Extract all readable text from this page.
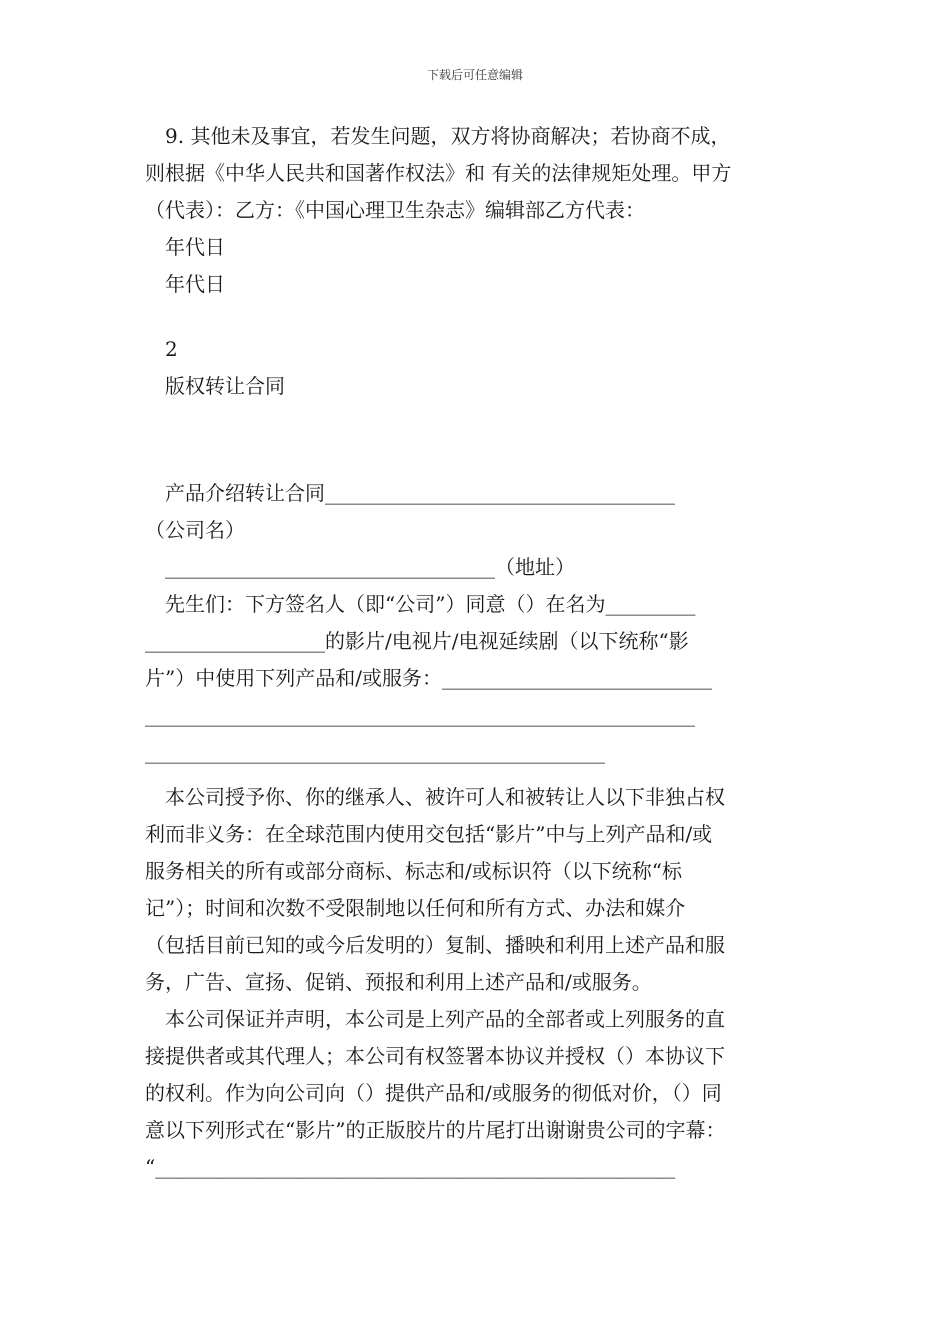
下载后可任意编辑

9. 其他未及事宜，若发生问题，双方将协商解决；若协商不成，

则根据《中华人民共和国著作权法》和 有关的法律规矩处理。甲方

（代表）：乙方：《中国心理卫生杂志》编辑部乙方代表：

年代日

年代日

2

版权转让合同

产品介绍转让合同___________________________________

（公司名）

_________________________________（地址）

先生们：下方签名人（即“公司”）同意（）在名为_________

__________________的影片/电视片/电视延续剧（以下统称“影

片”）中使用下列产品和/或服务：___________________________

_______________________________________________________

______________________________________________

本公司授予你、你的继承人、被许可人和被转让人以下非独占权

利而非义务：在全球范围内使用交包括“影片”中与上列产品和/或

服务相关的所有或部分商标、标志和/或标识符（以下统称“标

记”）；时间和次数不受限制地以任何和所有方式、办法和媒介

（包括目前已知的或今后发明的）复制、播映和利用上述产品和服

务，广告、宣扬、促销、预报和利用上述产品和/或服务。

本公司保证并声明，本公司是上列产品的全部者或上列服务的直

接提供者或其代理人；本公司有权签署本协议并授权（）本协议下

的权利。作为向公司向（）提供产品和/或服务的彻低对价，（）同

意以下列形式在“影片”的正版胶片的片尾打出谢谢贵公司的字幕：

“____________________________________________________
